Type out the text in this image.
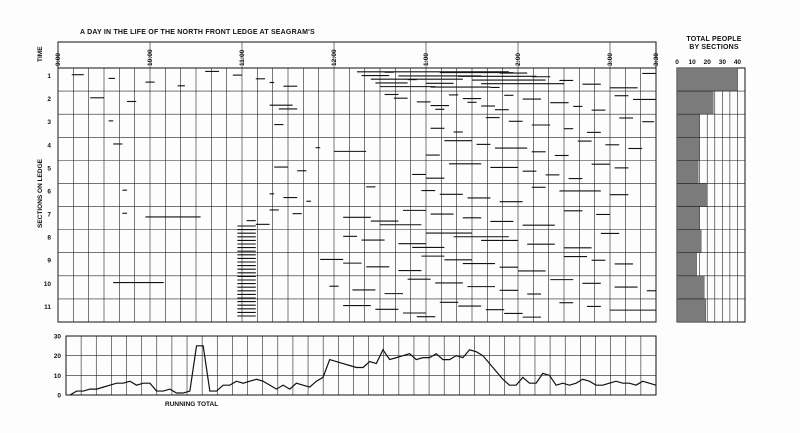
A DAY IN THE LIFE OF THE NORTH FRONT LEDGE AT SEAGRAM'S
TIME
SECTIONS ON LEDGE
TOTAL PEOPLE
BY SECTIONS
RUNNING TOTAL
9:00	10:00	11:00	12:00	1:00	2:00	3:00	3:30
1
2
3
4
5
6
7
8
9
10
11
0 10 20 30 40
0
10
20
30
